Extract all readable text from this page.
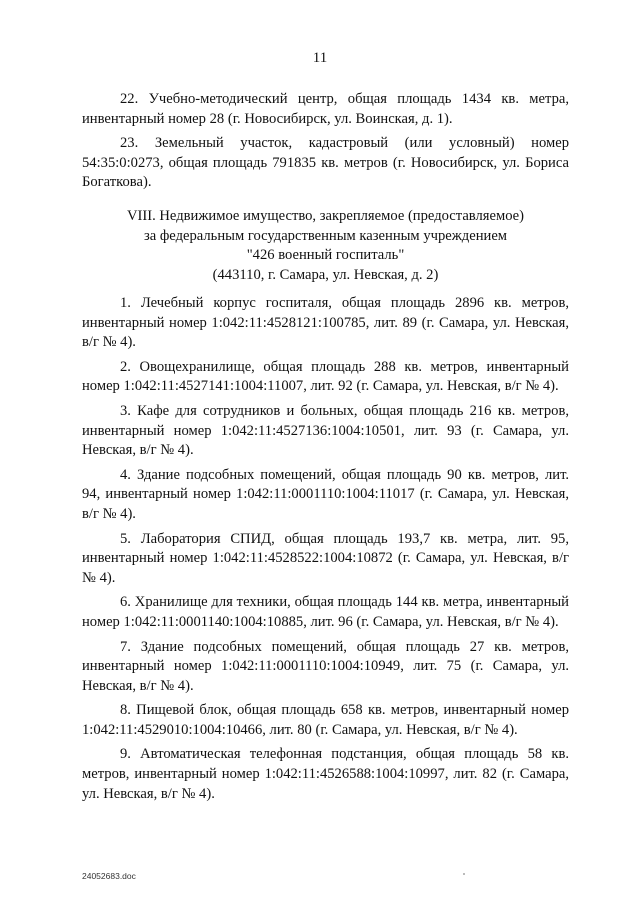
11

22. Учебно-методический центр, общая площадь 1434 кв. метра, инвентарный номер 28 (г. Новосибирск, ул. Воинская, д. 1).

23. Земельный участок, кадастровый (или условный) номер 54:35:0:0273, общая площадь 791835 кв. метров (г. Новосибирск, ул. Бориса Богаткова).

VIII. Недвижимое имущество, закрепляемое (предоставляемое)
за федеральным государственным казенным учреждением
"426 военный госпиталь"
(443110, г. Самара, ул. Невская, д. 2)

1. Лечебный корпус госпиталя, общая площадь 2896 кв. метров, инвентарный номер 1:042:11:4528121:100785, лит. 89 (г. Самара, ул. Невская, в/г № 4).

2. Овощехранилище, общая площадь 288 кв. метров, инвентарный номер 1:042:11:4527141:1004:11007, лит. 92 (г. Самара, ул. Невская, в/г № 4).

3. Кафе для сотрудников и больных, общая площадь 216 кв. метров, инвентарный номер 1:042:11:4527136:1004:10501, лит. 93 (г. Самара, ул. Невская, в/г № 4).

4. Здание подсобных помещений, общая площадь 90 кв. метров, лит. 94, инвентарный номер 1:042:11:0001110:1004:11017 (г. Самара, ул. Невская, в/г № 4).

5. Лаборатория СПИД, общая площадь 193,7 кв. метра, лит. 95, инвентарный номер 1:042:11:4528522:1004:10872 (г. Самара, ул. Невская, в/г № 4).

6. Хранилище для техники, общая площадь 144 кв. метра, инвентарный номер 1:042:11:0001140:1004:10885, лит. 96 (г. Самара, ул. Невская, в/г № 4).

7. Здание подсобных помещений, общая площадь 27 кв. метров, инвентарный номер 1:042:11:0001110:1004:10949, лит. 75 (г. Самара, ул. Невская, в/г № 4).

8. Пищевой блок, общая площадь 658 кв. метров, инвентарный номер 1:042:11:4529010:1004:10466, лит. 80 (г. Самара, ул. Невская, в/г № 4).

9. Автоматическая телефонная подстанция, общая площадь 58 кв. метров, инвентарный номер 1:042:11:4526588:1004:10997, лит. 82 (г. Самара, ул. Невская, в/г № 4).

24052683.doc
